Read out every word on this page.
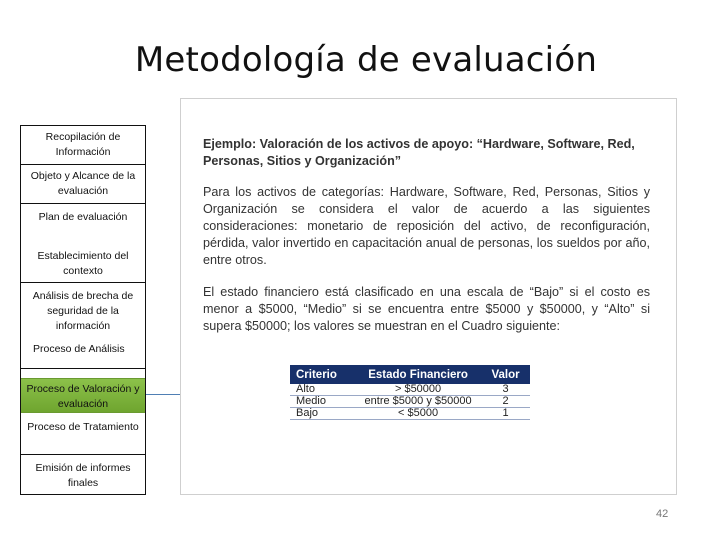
Metodología de evaluación
Recopilación de Información
Objeto y Alcance de la evaluación
Plan de evaluación
Establecimiento del contexto
Análisis de brecha de seguridad de la información
Proceso de Análisis
Proceso de Valoración y evaluación
Proceso de Tratamiento
Emisión de informes finales
Ejemplo: Valoración de los activos de apoyo: “Hardware, Software, Red, Personas, Sitios y Organización”
Para los activos de categorías: Hardware, Software, Red, Personas, Sitios y Organización se considera el valor de acuerdo a las siguientes consideraciones: monetario de reposición del activo, de reconfiguración, pérdida, valor invertido en capacitación anual de personas, los sueldos por año, entre otros.
El estado financiero está clasificado en una escala de “Bajo” si el costo es menor a $5000, “Medio” si se encuentra entre $5000 y $50000, y “Alto” si supera $50000; los valores se muestran en el Cuadro siguiente:
Criterio	Estado Financiero	Valor
Alto	> $50000	3
Medio	entre $5000 y $50000	2
Bajo	< $5000	1
42
